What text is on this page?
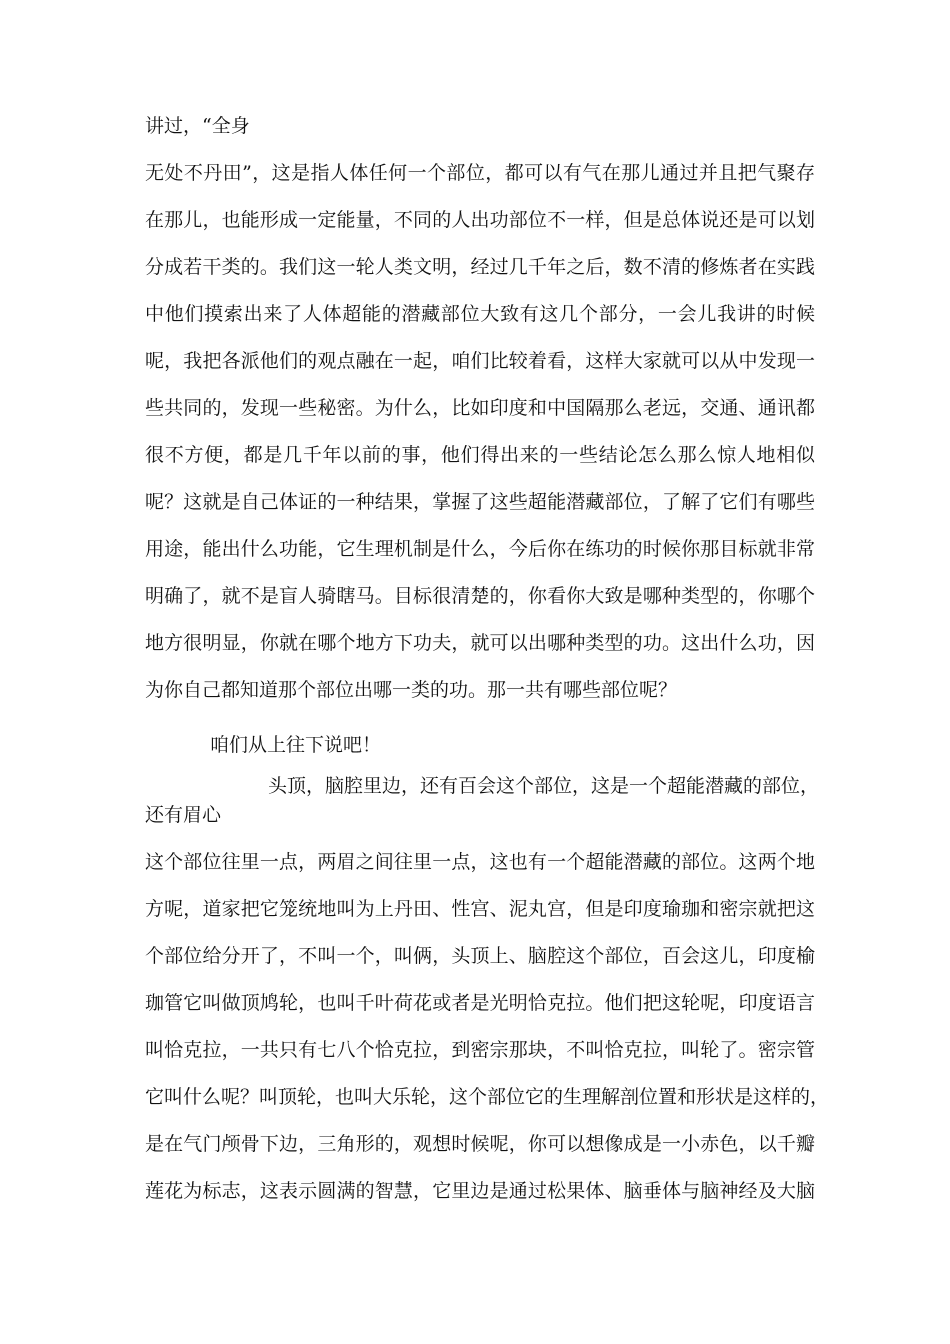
讲过，“全身
无处不丹田”，这是指人体任何一个部位，都可以有气在那儿通过并且把气聚存
在那儿，也能形成一定能量，不同的人出功部位不一样，但是总体说还是可以划
分成若干类的。我们这一轮人类文明，经过几千年之后，数不清的修炼者在实践
中他们摸索出来了人体超能的潜藏部位大致有这几个部分，一会儿我讲的时候
呢，我把各派他们的观点融在一起，咱们比较着看，这样大家就可以从中发现一
些共同的，发现一些秘密。为什么，比如印度和中国隔那么老远，交通、通讯都
很不方便，都是几千年以前的事，他们得出来的一些结论怎么那么惊人地相似
呢？这就是自己体证的一种结果，掌握了这些超能潜藏部位，了解了它们有哪些
用途，能出什么功能，它生理机制是什么，今后你在练功的时候你那目标就非常
明确了，就不是盲人骑瞎马。目标很清楚的，你看你大致是哪种类型的，你哪个
地方很明显，你就在哪个地方下功夫，就可以出哪种类型的功。这出什么功，因
为你自己都知道那个部位出哪一类的功。那一共有哪些部位呢？
咱们从上往下说吧！
头顶，脑腔里边，还有百会这个部位，这是一个超能潜藏的部位，
还有眉心
这个部位往里一点，两眉之间往里一点，这也有一个超能潜藏的部位。这两个地
方呢，道家把它笼统地叫为上丹田、性宫、泥丸宫，但是印度瑜珈和密宗就把这
个部位给分开了，不叫一个，叫俩，头顶上、脑腔这个部位，百会这儿，印度榆
珈管它叫做顶鸠轮，也叫千叶荷花或者是光明恰克拉。他们把这轮呢，印度语言
叫恰克拉，一共只有七八个恰克拉，到密宗那块，不叫恰克拉，叫轮了。密宗管
它叫什么呢？叫顶轮，也叫大乐轮，这个部位它的生理解剖位置和形状是这样的，
是在气门颅骨下边，三角形的，观想时候呢，你可以想像成是一小赤色，以千瓣
莲花为标志，这表示圆满的智慧，它里边是通过松果体、脑垂体与脑神经及大脑
